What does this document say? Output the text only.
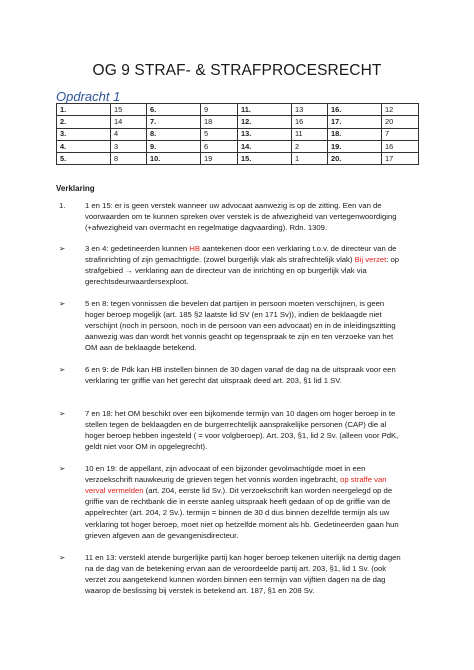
OG 9 STRAF- & STRAFPROCESRECHT
Opdracht 1
1.	15	6.	9	11.	13	16.	12
2.	14	7.	18	12.	16	17.	20
3.	4	8.	5	13.	11	18.	7
4.	3	9.	6	14.	2	19.	16
5.	8	10.	19	15.	1	20.	17
Verklaring
1.	1 en 15: er is geen verstek wanneer uw advocaat aanwezig is op de zitting. Een van de
voorwaarden om te kunnen spreken over verstek is de afwezigheid van vertegenwoordiging
(+afwezigheid van overmacht en regelmatige dagvaarding). Rdn. 1309.
➢	3 en 4: gedetineerden kunnen HB aantekenen door een verklaring t.o.v. de directeur van de
strafinrichting of zijn gemachtigde. (zowel burgerlijk vlak als strafrechtelijk vlak) Bij verzet: op
strafgebied → verklaring aan de directeur van de inrichting en op burgerlijk vlak via
gerechtsdeurwaardersexploot.
➢	5 en 8: tegen vonnissen die bevelen dat partijen in persoon moeten verschijnen, is geen
hoger beroep mogelijk (art. 185 §2 laatste lid SV (en 171 Sv)), indien de beklaagde niet
verschijnt (noch in persoon, noch in de persoon van een advocaat) en in de inleidingszitting
aanwezig was dan wordt het vonnis geacht op tegenspraak te zijn en ten verzoeke van het
OM aan de beklaagde betekend.
➢	6 en 9: de Pdk kan HB instellen binnen de 30 dagen vanaf de dag na de uitspraak voor een
verklaring ter griffie van het gerecht dat uitspraak deed art. 203, §1 lid 1 SV.
➢	7 en 18: het OM beschikt over een bijkomende termijn van 10 dagen om hoger beroep in te
stellen tegen de beklaagden en de burgerrechtelijk aansprakelijke personen (CAP) die al
hoger beroep hebben ingesteld ( = voor volgberoep). Art. 203, §1, lid 2 Sv. (alleen voor PdK,
geldt niet voor OM in opgelegrecht).
➢	10 en 19: de appellant, zijn advocaat of een bijzonder gevolmachtigde moet in een
verzoekschrift nauwkeurig de grieven tegen het vonnis worden ingebracht, op straffe van
verval vermelden (art. 204, eerste lid Sv.). Dit verzoekschrift kan worden neergelegd op de
griffie van de rechtbank die in eerste aanleg uitspraak heeft gedaan of op de griffie van de
appelrechter (art. 204, 2 Sv.). termijn = binnen de 30 d dus binnen dezelfde termijn als uw
verklaring tot hoger beroep, moet niet op hetzelfde moment als hb. Gedetineerden gaan hun
grieven afgeven aan de gevangenisdirecteur.
➢	11 en 13: verstekl atende burgerlijke partij kan hoger beroep tekenen uiterlijk na dertig dagen
na de dag van de betekening ervan aan de veroordeelde partij art. 203, §1, lid 1 Sv. (ook
verzet zou aangetekend kunnen worden binnen een termijn van vijftien dagen na de dag
waarop de beslissing bij verstek is betekend art. 187, §1 en 208 Sv.
